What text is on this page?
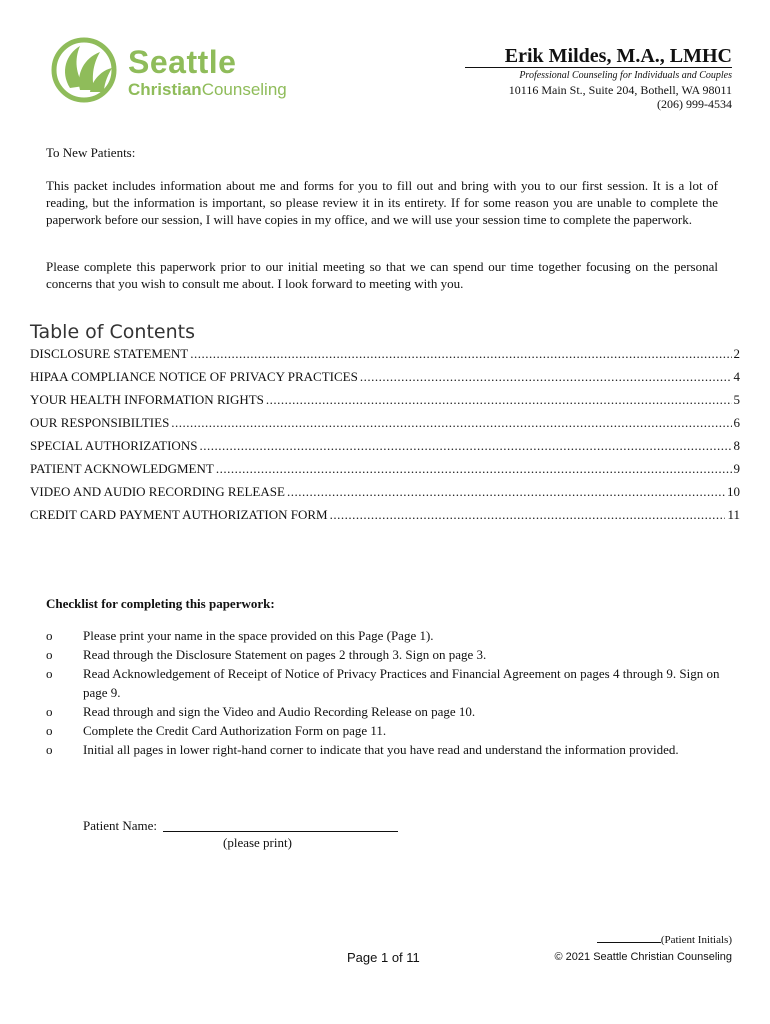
Seattle
ChristianCounseling
Erik Mildes, M.A., LMHC
Professional Counseling for Individuals and Couples
10116 Main St., Suite 204, Bothell, WA 98011
(206) 999-4534
To New Patients:
This packet includes information about me and forms for you to fill out and bring with you to our first session. It is a lot of reading, but the information is important, so please review it in its entirety. If for some reason you are unable to complete the paperwork before our session, I will have copies in my office, and we will use your session time to complete the paperwork.
Please complete this paperwork prior to our initial meeting so that we can spend our time together focusing on the personal concerns that you wish to consult me about. I look forward to meeting with you.
Table of Contents
DISCLOSURE STATEMENT .....	2
HIPAA COMPLIANCE NOTICE OF PRIVACY PRACTICES .....	4
YOUR HEALTH INFORMATION RIGHTS .....	5
OUR RESPONSIBILTIES .....	6
SPECIAL AUTHORIZATIONS .....	8
PATIENT ACKNOWLEDGMENT .....	9
VIDEO AND AUDIO RECORDING RELEASE .....	10
CREDIT CARD PAYMENT AUTHORIZATION FORM .....	11
Checklist for completing this paperwork:
o	Please print your name in the space provided on this Page (Page 1).
o	Read through the Disclosure Statement on pages 2 through 3. Sign on page 3.
o	Read Acknowledgement of Receipt of Notice of Privacy Practices and Financial Agreement on pages 4 through 9. Sign on page 9.
o	Read through and sign the Video and Audio Recording Release on page 10.
o	Complete the Credit Card Authorization Form on page 11.
o	Initial all pages in lower right-hand corner to indicate that you have read and understand the information provided.
Patient Name:
(please print)
(Patient Initials)
Page 1 of 11	© 2021 Seattle Christian Counseling
